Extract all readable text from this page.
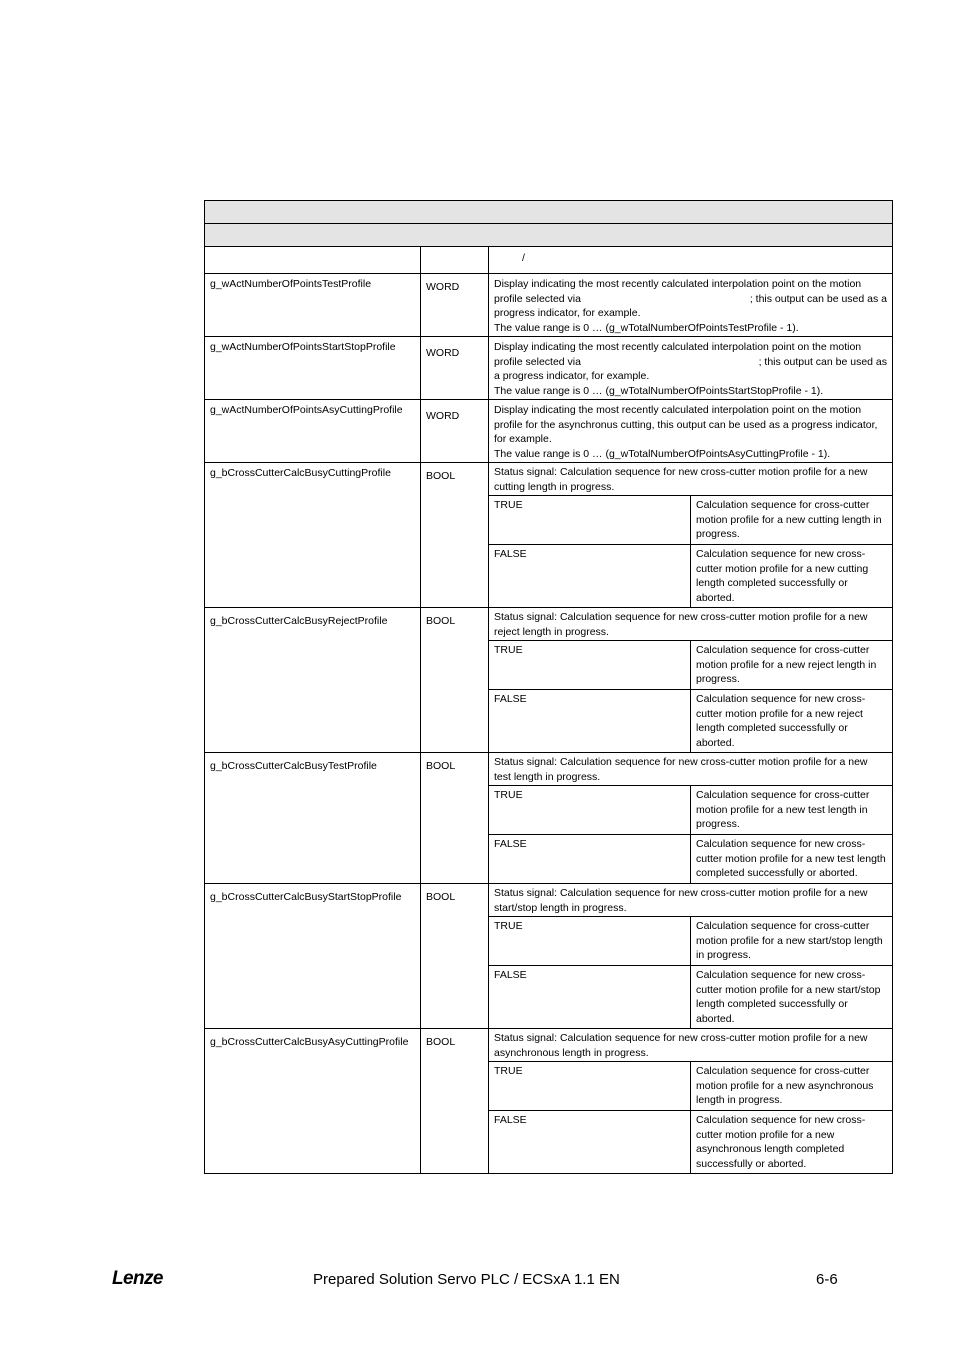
		/
g_wActNumberOfPointsTestProfile	WORD	Display indicating the most recently calculated interpolation point on the motion
profile selected via	; this output can be used as a
progress indicator, for example.
The value range is 0 … (g_wTotalNumberOfPointsTestProfile - 1).

g_wActNumberOfPointsStartStopProfile	WORD	Display indicating the most recently calculated interpolation point on the motion
profile selected via	; this output can be used as
a progress indicator, for example.
The value range is 0 … (g_wTotalNumberOfPointsStartStopProfile - 1).

g_wActNumberOfPointsAsyCuttingProfile	WORD	Display indicating the most recently calculated interpolation point on the motion
profile for the asynchronus cutting, this output can be used as a progress indicator,
for example.
The value range is 0 … (g_wTotalNumberOfPointsAsyCuttingProfile - 1).

g_bCrossCutterCalcBusyCuttingProfile	BOOL		Status signal: Calculation sequence for new cross-cutter motion profile for a new cutting length in progress.
TRUE	Calculation sequence for cross-cutter motion profile for a new cutting length in progress.
FALSE	Calculation sequence for new cross-cutter motion profile for a new cutting length completed successfully or aborted.

g_bCrossCutterCalcBusyRejectProfile	BOOL		Status signal: Calculation sequence for new cross-cutter motion profile for a new reject length in progress.
TRUE	Calculation sequence for cross-cutter motion profile for a new reject length in progress.
FALSE	Calculation sequence for new cross-cutter motion profile for a new reject length completed successfully or aborted.

g_bCrossCutterCalcBusyTestProfile	BOOL		Status signal: Calculation sequence for new cross-cutter motion profile for a new test length in progress.
TRUE	Calculation sequence for cross-cutter motion profile for a new test length in progress.
FALSE	Calculation sequence for new cross-cutter motion profile for a new test length completed successfully or aborted.

g_bCrossCutterCalcBusyStartStopProfile	BOOL		Status signal: Calculation sequence for new cross-cutter motion profile for a new start/stop length in progress.
TRUE	Calculation sequence for cross-cutter motion profile for a new start/stop length in progress.
FALSE	Calculation sequence for new cross-cutter motion profile for a new start/stop length completed successfully or aborted.

g_bCrossCutterCalcBusyAsyCuttingProfile	BOOL		Status signal: Calculation sequence for new cross-cutter motion profile for a new asynchronous length in progress.
TRUE	Calculation sequence for cross-cutter motion profile for a new asynchronous length in progress.
FALSE	Calculation sequence for new cross-cutter motion profile for a new asynchronous length completed successfully or aborted.
Lenze	Prepared Solution Servo PLC / ECSxA 1.1 EN	6-6
